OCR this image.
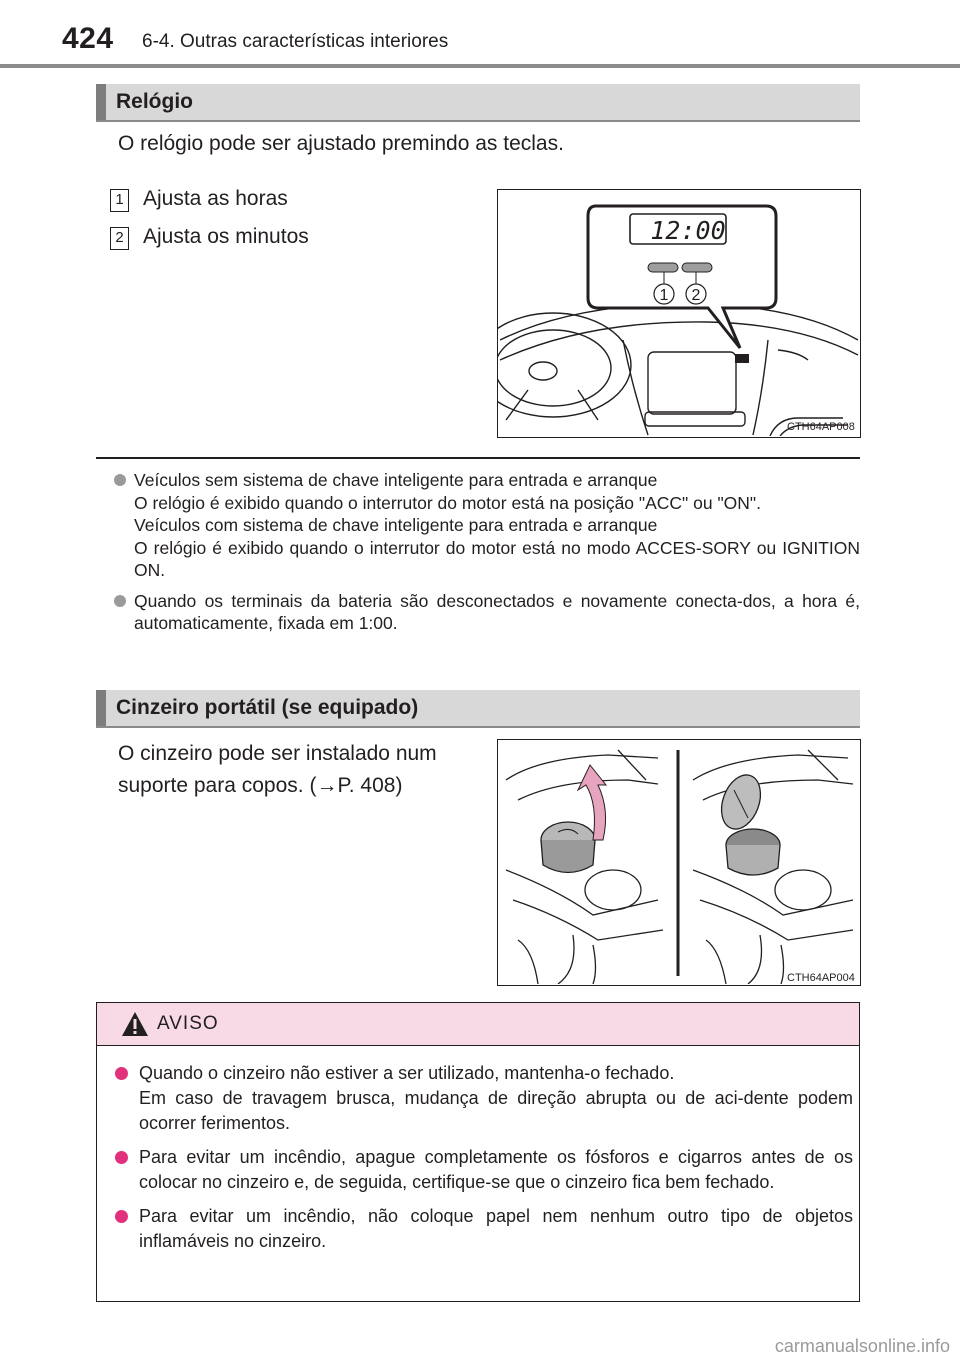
424 6-4. Outras características interiores
Relógio
O relógio pode ser ajustado premindo as teclas.
1 Ajusta as horas
2 Ajusta os minutos	12:00
1 2
CTH64AP008

Veículos sem sistema de chave inteligente para entrada e arranque

O relógio é exibido quando o interrutor do motor está na posição "ACC" ou "ON".

Veículos com sistema de chave inteligente para entrada e arranque

O relógio é exibido quando o interrutor do motor está no modo ACCES-SORY ou IGNITION ON.

Quando os terminais da bateria são desconectados e novamente conecta-dos, a hora é, automaticamente, fixada em 1:00.

Cinzeiro portátil (se equipado)
O cinzeiro pode ser instalado num
suporte para copos. (→P. 408)
CTH64AP004
AVISO

Quando o cinzeiro não estiver a ser utilizado, mantenha-o fechado.

Em caso de travagem brusca, mudança de direção abrupta ou de aci-dente podem ocorrer ferimentos.

Para evitar um incêndio, apague completamente os fósforos e cigarros antes de os colocar no cinzeiro e, de seguida, certifique-se que o cinzeiro fica bem fechado.

Para evitar um incêndio, não coloque papel nem nenhum outro tipo de objetos inflamáveis no cinzeiro.

carmanualsonline.info
